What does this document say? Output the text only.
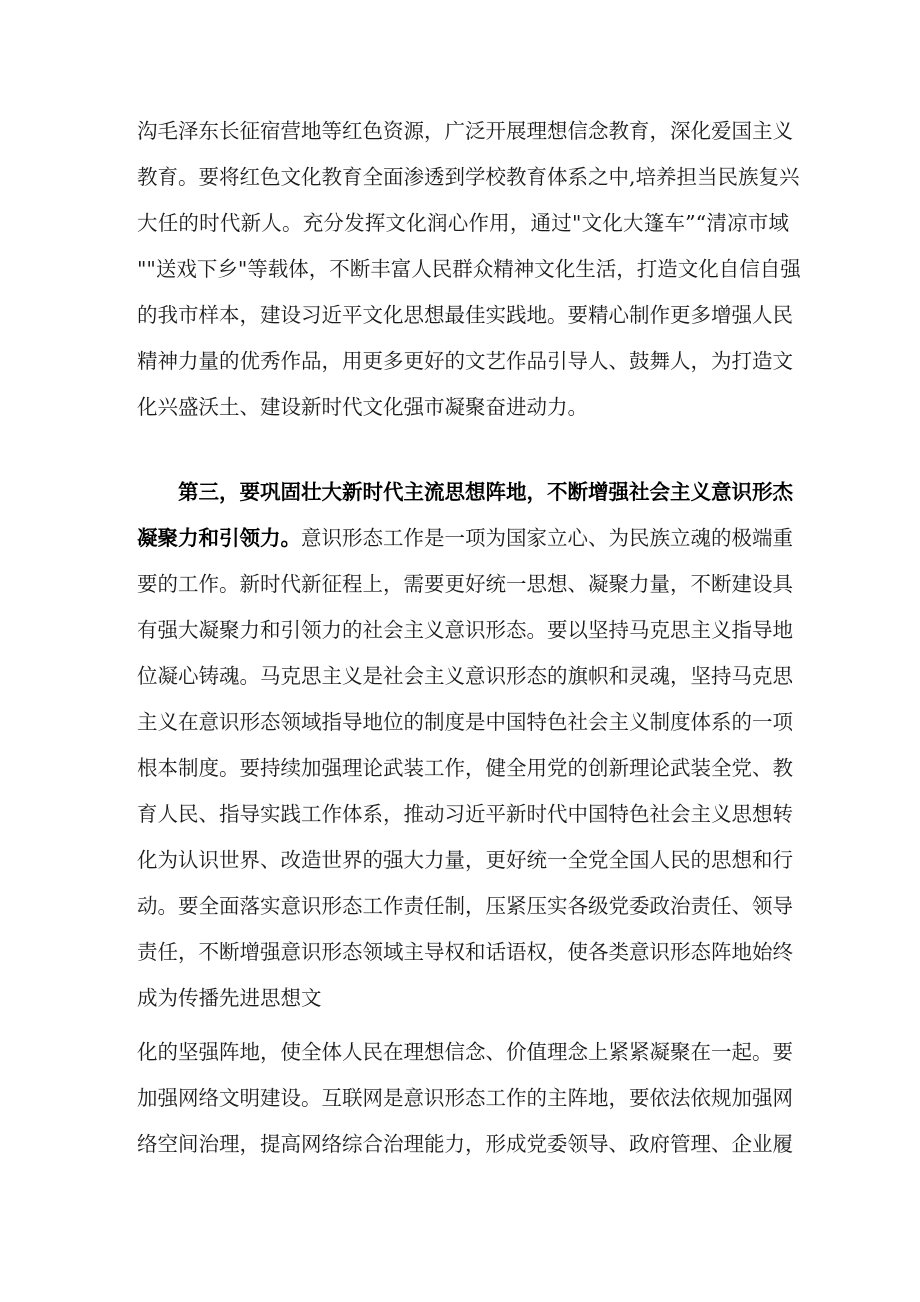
沟毛泽东长征宿营地等红色资源，广泛开展理想信念教育，深化爱国主义
教育。要将红色文化教育全面渗透到学校教育体系之中,培养担当民族复兴
大任的时代新人。充分发挥文化润心作用，通过"文化大篷车”“清凉市域
""送戏下乡"等载体，不断丰富人民群众精神文化生活，打造文化自信自强
的我市样本，建设习近平文化思想最佳实践地。要精心制作更多增强人民
精神力量的优秀作品，用更多更好的文艺作品引导人、鼓舞人，为打造文
化兴盛沃土、建设新时代文化强市凝聚奋进动力。
第三，要巩固壮大新时代主流思想阵地，不断增强社会主义意识形杰
凝聚力和引领力。意识形态工作是一项为国家立心、为民族立魂的极端重
要的工作。新时代新征程上，需要更好统一思想、凝聚力量，不断建设具
有强大凝聚力和引领力的社会主义意识形态。要以坚持马克思主义指导地
位凝心铸魂。马克思主义是社会主义意识形态的旗帜和灵魂，坚持马克思
主义在意识形态领域指导地位的制度是中国特色社会主义制度体系的一项
根本制度。要持续加强理论武装工作，健全用党的创新理论武装全党、教
育人民、指导实践工作体系，推动习近平新时代中国特色社会主义思想转
化为认识世界、改造世界的强大力量，更好统一全党全国人民的思想和行
动。要全面落实意识形态工作责任制，压紧压实各级党委政治责任、领导
责任，不断增强意识形态领域主导权和话语权，使各类意识形态阵地始终
成为传播先进思想文
化的坚强阵地，使全体人民在理想信念、价值理念上紧紧凝聚在一起。要
加强网络文明建设。互联网是意识形态工作的主阵地，要依法依规加强网
络空间治理，提高网络综合治理能力，形成党委领导、政府管理、企业履
